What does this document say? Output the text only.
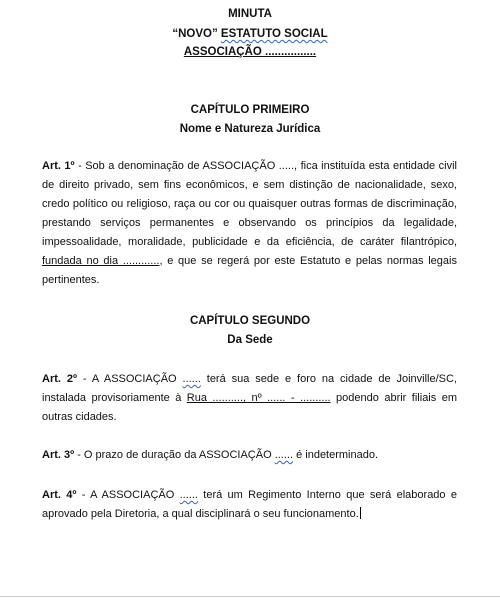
MINUTA
“NOVO” ESTATUTO SOCIAL
ASSOCIAÇÃO ................
CAPÍTULO PRIMEIRO
Nome e Natureza Jurídica
Art. 1º - Sob a denominação de ASSOCIAÇÃO ....., fica instituída esta entidade civil de direito privado, sem fins econômicos, e sem distinção de nacionalidade, sexo, credo político ou religioso, raça ou cor ou quaisquer outras formas de discriminação, prestando serviços permanentes e observando os princípios da legalidade, impessoalidade, moralidade, publicidade e da eficiência, de caráter filantrópico, fundada no dia ............, e que se regerá por este Estatuto e pelas normas legais pertinentes.
CAPÍTULO SEGUNDO
Da Sede
Art. 2º - A ASSOCIAÇÃO ...... terá sua sede e foro na cidade de Joinville/SC, instalada provisoriamente à Rua .........., nº ...... - .......... podendo abrir filiais em outras cidades.
Art. 3º - O prazo de duração da ASSOCIAÇÃO ...... é indeterminado.
Art. 4º - A ASSOCIAÇÃO ...... terá um Regimento Interno que será elaborado e aprovado pela Diretoria, a qual disciplinará o seu funcionamento.
